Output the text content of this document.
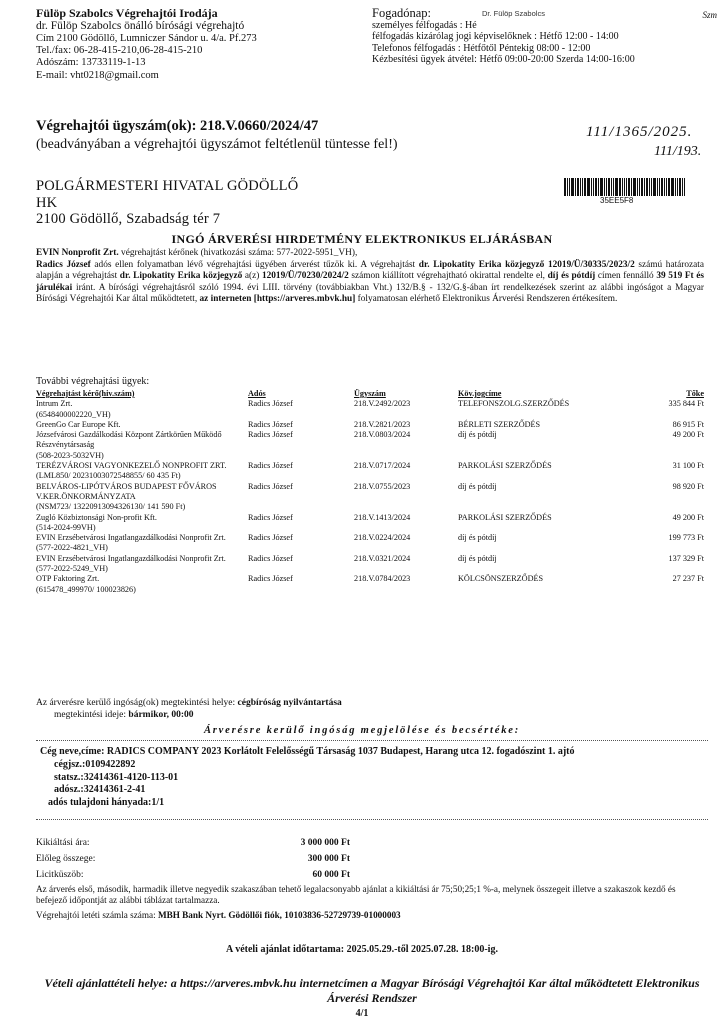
Fülöp Szabolcs Végrehajtói Irodája
dr. Fülöp Szabolcs önálló bírósági végrehajtó
Cím 2100 Gödöllő, Lumniczer Sándor u. 4/a. Pf.273
Tel./fax: 06-28-415-210,06-28-415-210
Adószám: 13733119-1-13
E-mail: vht0218@gmail.com
Fogadónap:	Dr. Fülöp Szabolcs	Szm
személyes félfogadás : Hé
félfogadás kizárólag jogi képviselőknek : Hétfő 12:00 - 14:00
Telefonos félfogadás : Hétfőtől Péntekig 08:00 - 12:00
Kézbesítési ügyek átvétel: Hétfő 09:00-20:00 Szerda 14:00-16:00
Végrehajtói ügyszám(ok): 218.V.0660/2024/47
(beadványában a végrehajtói ügyszámot feltétlenül tüntesse fel!)
111/1365/2025.
111/193.
POLGÁRMESTERI HIVATAL GÖDÖLLŐ
HK
2100 Gödöllő, Szabadság tér 7
35EE5F8
INGÓ ÁRVERÉSI HIRDETMÉNY ELEKTRONIKUS ELJÁRÁSBAN
EVIN Nonprofit Zrt. végrehajtást kérőnek (hivatkozási száma: 577-2022-5951_VH),
Radics József adós ellen folyamatban lévő végrehajtási ügyében árverést tűzök ki. A végrehajtást dr. Lipokatity Erika közjegyző 12019/Ü/30335/2023/2 számú határozata alapján a végrehajtást dr. Lipokatity Erika közjegyző a(z) 12019/Ü/70230/2024/2 számon kiállított végrehajtható okirattal rendelte el, díj és pótdíj címen fennálló 39 519 Ft és járulékai iránt. A bírósági végrehajtásról szóló 1994. évi LIII. törvény (továbbiakban Vht.) 132/B.§ - 132/G.§-ában írt rendelkezések szerint az alábbi ingóságot a Magyar Bírósági Végrehajtói Kar által működtetett, az interneten [https://arveres.mbvk.hu] folyamatosan elérhető Elektronikus Árverési Rendszeren értékesítem.
További végrehajtási ügyek:
Végrehajtást kérő(hiv.szám)	Adós	Ügyszám	Köv.jogcíme	Tőke

Intrum Zrt.
(6548400002220_VH)	Radics József	218.V.2492/2023	TELEFONSZOLG.SZERZŐDÉS	335 844 Ft

GreenGo Car Europe Kft.	Radics József	218.V.2821/2023	BÉRLETI SZERZŐDÉS	86 915 Ft

Józsefvárosi Gazdálkodási Központ Zártkörűen Működő Részvénytársaság
(508-2023-5032VH)	Radics József	218.V.0803/2024	díj és pótdíj	49 200 Ft

TERÉZVÁROSI VAGYONKEZELŐ NONPROFIT ZRT.
(LML850/ 20231003072548855/ 60 435 Ft)	Radics József	218.V.0717/2024	PARKOLÁSI SZERZŐDÉS	31 100 Ft

BELVÁROS-LIPÓTVÁROS BUDAPEST FŐVÁROS V.KER.ÖNKORMÁNYZATA
(NSM723/ 13220913094326130/ 141 590 Ft)	Radics József	218.V.0755/2023	díj és pótdíj	98 920 Ft

Zugló Közbiztonsági Non-profit Kft.
(514-2024-99VH)	Radics József	218.V.1413/2024	PARKOLÁSI SZERZŐDÉS	49 200 Ft

EVIN Erzsébetvárosi Ingatlangazdálkodási Nonprofit Zrt.
(577-2022-4821_VH)	Radics József	218.V.0224/2024	díj és pótdíj	199 773 Ft

EVIN Erzsébetvárosi Ingatlangazdálkodási Nonprofit Zrt.
(577-2022-5249_VH)	Radics József	218.V.0321/2024	díj és pótdíj	137 329 Ft

OTP Faktoring Zrt.
(615478_499970/ 100023826)	Radics József	218.V.0784/2023	KÖLCSÖNSZERZŐDÉS	27 237 Ft
Az árverésre kerülő ingóság(ok) megtekintési helye: cégbíróság nyilvántartása
megtekintési ideje: bármikor, 00:00
Árverésre kerülő ingóság megjelölése és becsértéke:
Cég neve,címe: RADICS COMPANY 2023 Korlátolt Felelősségű Társaság 1037 Budapest, Harang utca 12. fogadószint 1. ajtó
cégjsz.:0109422892
statsz.:32414361-4120-113-01
adósz.:32414361-2-41
adós tulajdoni hányada:1/1
Kikiáltási ára:	3 000 000 Ft
Előleg összege:	300 000 Ft
Licitküszöb:	60 000 Ft
Az árverés első, második, harmadik illetve negyedik szakaszában tehető legalacsonyabb ajánlat a kikiáltási ár 75;50;25;1 %-a, melynek összegeit illetve a szakaszok kezdő és befejező időpontját az alábbi táblázat tartalmazza.
Végrehajtói letéti számla száma: MBH Bank Nyrt. Gödöllői fiók, 10103836-52729739-01000003
A vételi ajánlat időtartama: 2025.05.29.-től 2025.07.28. 18:00-ig.
Vételi ajánlattételi helye: a https://arveres.mbvk.hu internetcímen a Magyar Bírósági Végrehajtói Kar által működtetett Elektronikus Árverési Rendszer
4/1
